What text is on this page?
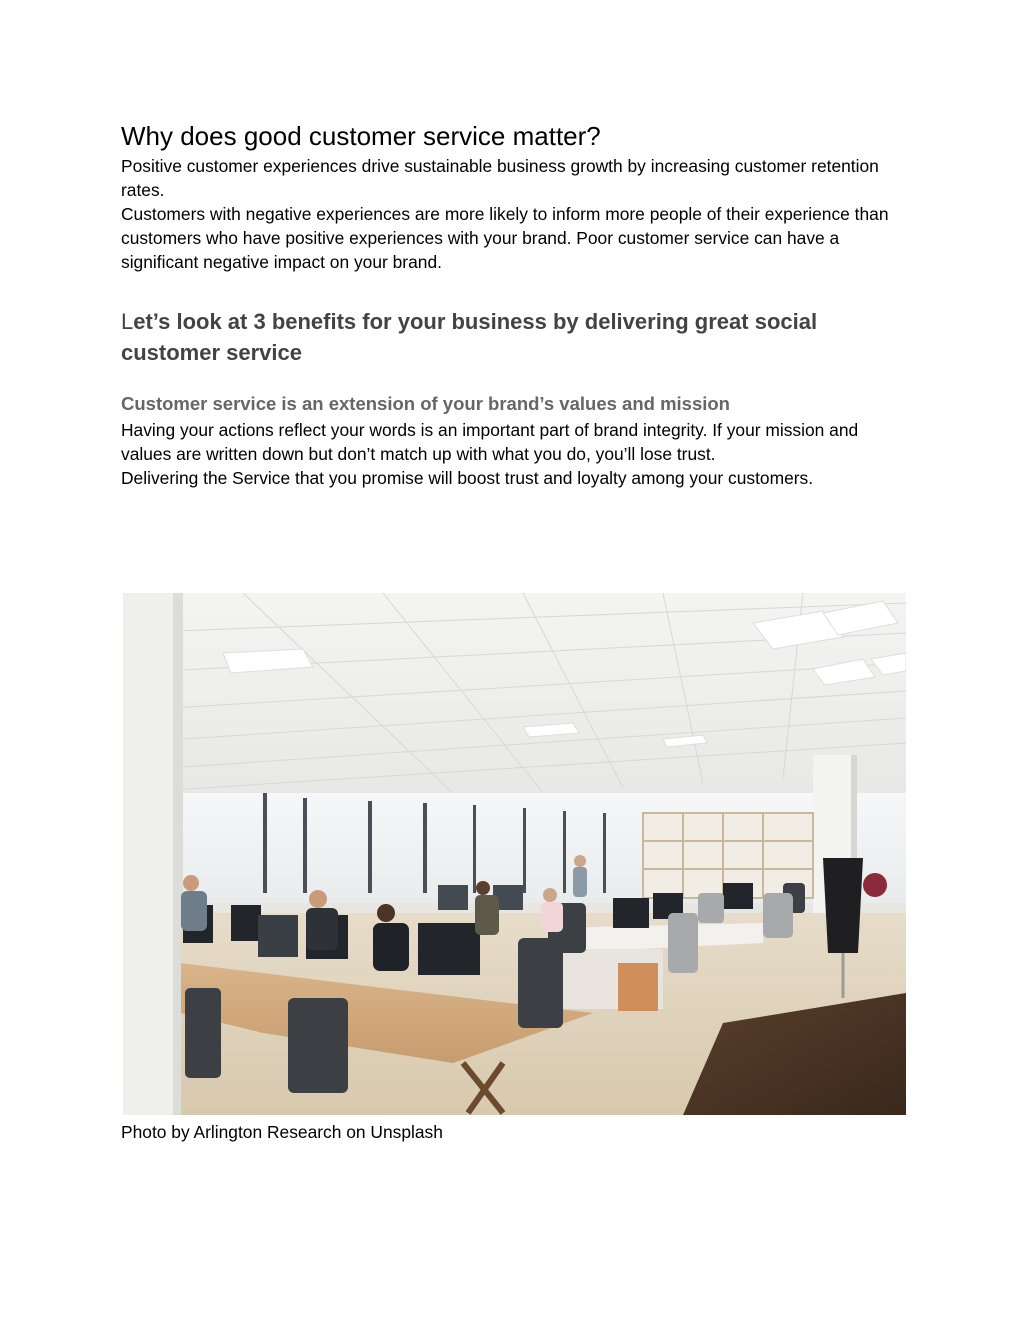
Why does good customer service matter?

Positive customer experiences drive sustainable business growth by increasing customer retention rates.

Customers with negative experiences are more likely to inform more people of their experience than customers who have positive experiences with your brand. Poor customer service can have a significant negative impact on your brand.

Let’s look at 3 benefits for your business by delivering great social customer service
Customer service is an extension of your brand’s values and mission

Having your actions reflect your words is an important part of brand integrity. If your mission and values are written down but don’t match up with what you do, you’ll lose trust.

Delivering the Service that you promise will boost trust and loyalty among your customers.

Photo by Arlington Research on Unsplash
